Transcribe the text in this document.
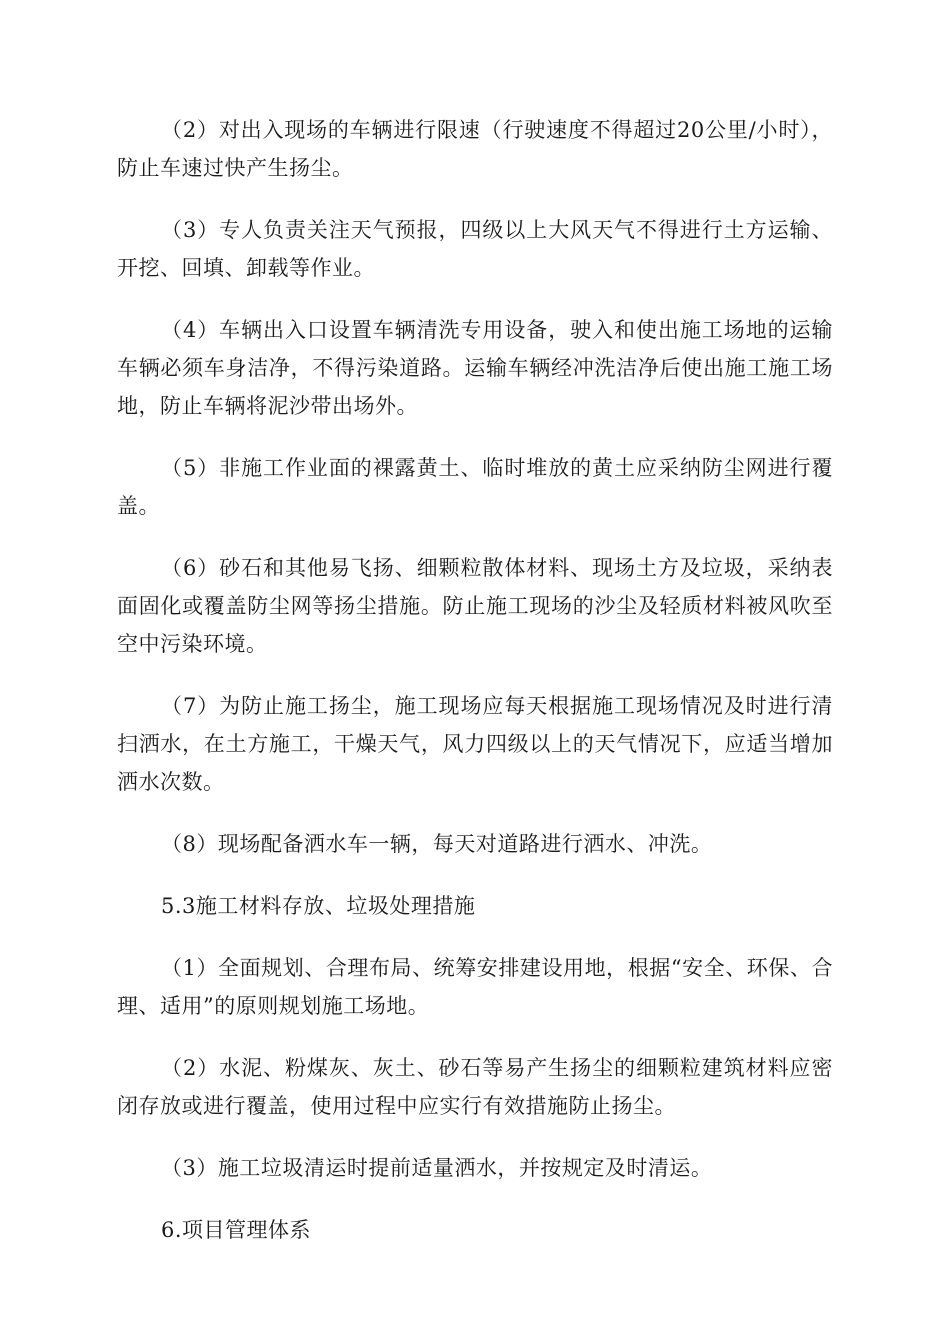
（2）对出入现场的车辆进行限速（行驶速度不得超过20公里/小时），防止车速过快产生扬尘。

（3）专人负责关注天气预报，四级以上大风天气不得进行土方运输、开挖、回填、卸载等作业。

（4）车辆出入口设置车辆清洗专用设备，驶入和使出施工场地的运输车辆必须车身洁净，不得污染道路。运输车辆经冲洗洁净后使出施工施工场地，防止车辆将泥沙带出场外。

（5）非施工作业面的裸露黄土、临时堆放的黄土应采纳防尘网进行覆盖。

（6）砂石和其他易飞扬、细颗粒散体材料、现场土方及垃圾，采纳表面固化或覆盖防尘网等扬尘措施。防止施工现场的沙尘及轻质材料被风吹至空中污染环境。

（7）为防止施工扬尘，施工现场应每天根据施工现场情况及时进行清扫洒水，在土方施工，干燥天气，风力四级以上的天气情况下，应适当增加洒水次数。

（8）现场配备洒水车一辆，每天对道路进行洒水、冲洗。

5.3施工材料存放、垃圾处理措施

（1）全面规划、合理布局、统筹安排建设用地，根据“安全、环保、合理、适用”的原则规划施工场地。

（2）水泥、粉煤灰、灰土、砂石等易产生扬尘的细颗粒建筑材料应密闭存放或进行覆盖，使用过程中应实行有效措施防止扬尘。

（3）施工垃圾清运时提前适量洒水，并按规定及时清运。

6.项目管理体系
